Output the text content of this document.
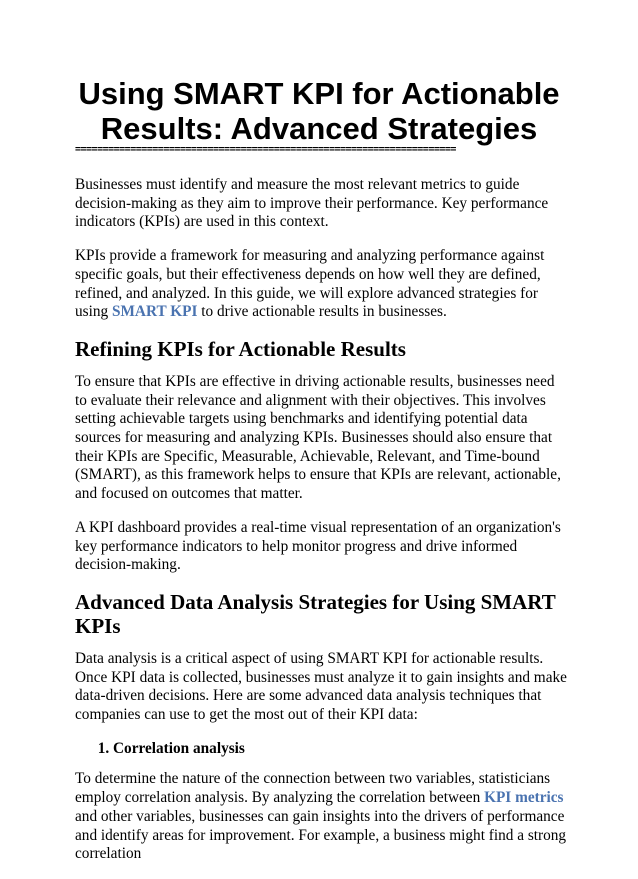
Using SMART KPI for Actionable Results: Advanced Strategies
=====================================================================

Businesses must identify and measure the most relevant metrics to guide decision-making as they aim to improve their performance. Key performance indicators (KPIs) are used in this context.

KPIs provide a framework for measuring and analyzing performance against specific goals, but their effectiveness depends on how well they are defined, refined, and analyzed. In this guide, we will explore advanced strategies for using SMART KPI to drive actionable results in businesses.

Refining KPIs for Actionable Results

To ensure that KPIs are effective in driving actionable results, businesses need to evaluate their relevance and alignment with their objectives. This involves setting achievable targets using benchmarks and identifying potential data sources for measuring and analyzing KPIs. Businesses should also ensure that their KPIs are Specific, Measurable, Achievable, Relevant, and Time-bound (SMART), as this framework helps to ensure that KPIs are relevant, actionable, and focused on outcomes that matter.

A KPI dashboard provides a real-time visual representation of an organization's key performance indicators to help monitor progress and drive informed decision-making.

Advanced Data Analysis Strategies for Using SMART KPIs

Data analysis is a critical aspect of using SMART KPI for actionable results. Once KPI data is collected, businesses must analyze it to gain insights and make data-driven decisions. Here are some advanced data analysis techniques that companies can use to get the most out of their KPI data:

1. Correlation analysis

To determine the nature of the connection between two variables, statisticians employ correlation analysis. By analyzing the correlation between KPI metrics and other variables, businesses can gain insights into the drivers of performance and identify areas for improvement. For example, a business might find a strong correlation
